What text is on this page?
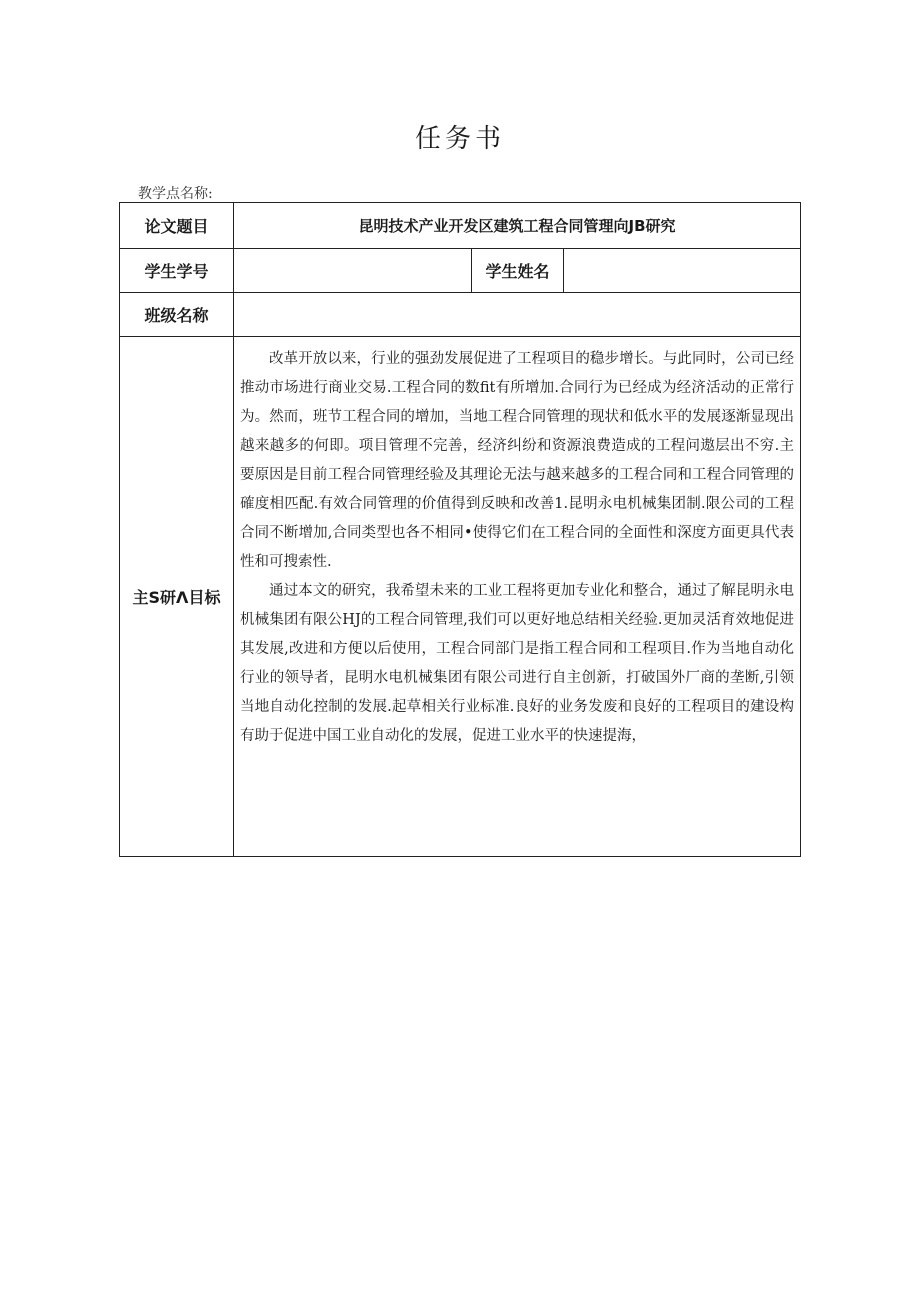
任务书
教学点名称:
论文题目	昆明技术产业开发区建筑工程合同管理向JB研究		
学生学号		学生姓名	
班级名称			
主S研Λ目标	改革开放以来，行业的强劲发展促进了工程项目的稳步增长。与此同时，公司已经推动市场进行商业交易.工程合同的数fit有所增加.合同行为已经成为经济活动的正常行为。然而，班节工程合同的增加，当地工程合同管理的现状和低水平的发展逐渐显现出越来越多的何即。项目管理不完善，经济纠纷和资源浪费造成的工程问遨层出不穷.主要原因是目前工程合同管理经验及其理论无法与越来越多的工程合同和工程合同管理的確度相匹配.有效合同管理的价值得到反映和改善1.昆明永电机械集团制.限公司的工程合同不断增加,合同类型也各不相同•使得它们在工程合同的全面性和深度方面更具代表性和可搜索性.

通过本文的研究，我希望未来的工业工程将更加专业化和整合，通过了解昆明永电机械集团有限公HJ的工程合同管理,我们可以更好地总结相关经验.更加灵活育效地促进其发展,改进和方便以后使用，工程合同部门是指工程合同和工程项目.作为当地自动化行业的领导者，昆明水电机械集团有限公司进行自主创新，打破国外厂商的垄断,引领当地自动化控制的发展.起草相关行业标准.良好的业务发废和良好的工程项目的建设构有助于促进中国工业自动化的发展，促进工业水平的快速提海，		
